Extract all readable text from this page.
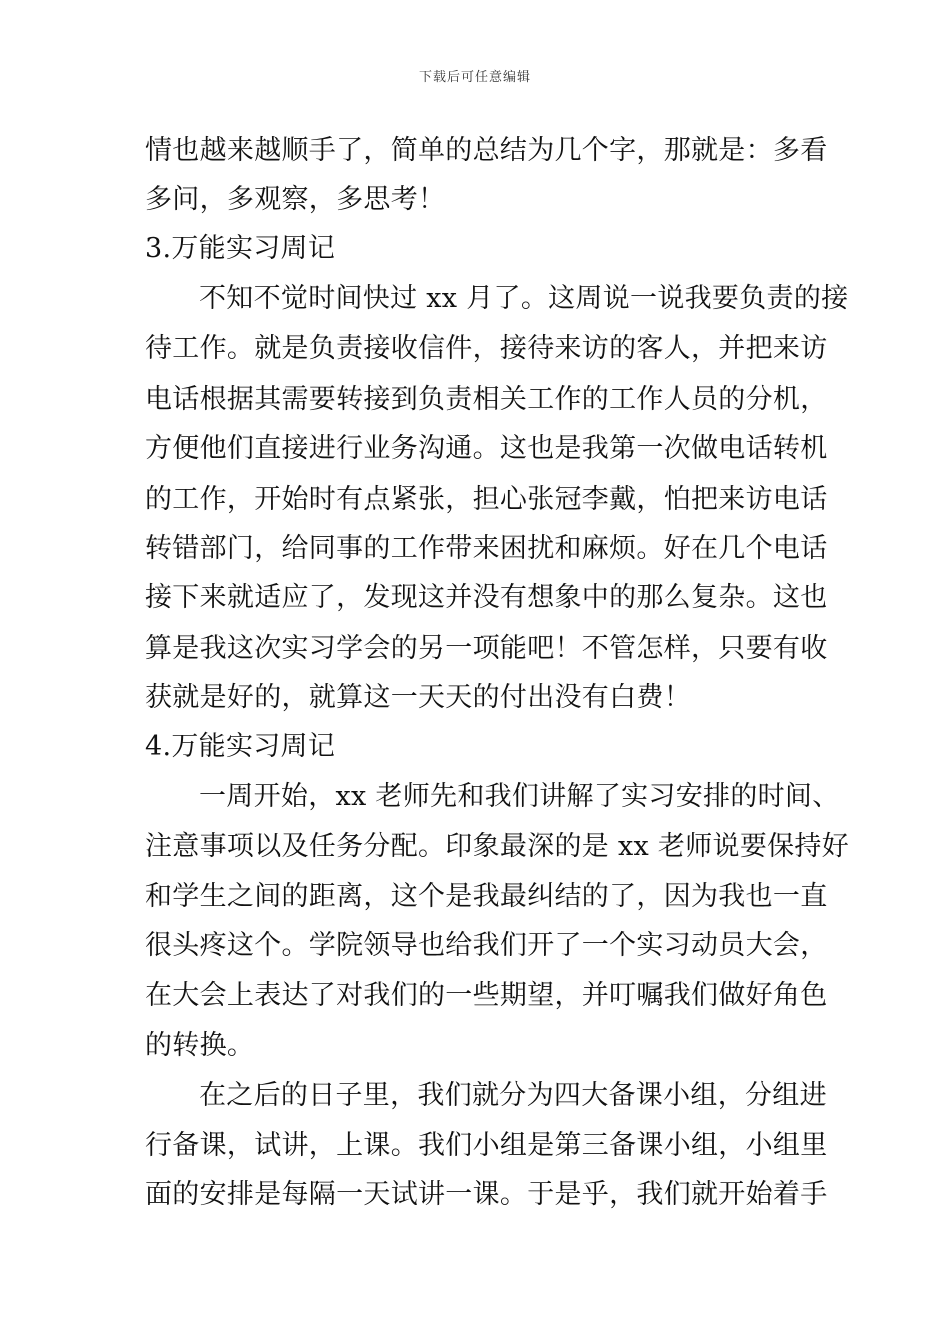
下载后可任意编辑
情也越来越顺手了，简单的总结为几个字，那就是：多看
多问，多观察，多思考！
3.万能实习周记
不知不觉时间快过 xx 月了。这周说一说我要负责的接
待工作。就是负责接收信件，接待来访的客人，并把来访
电话根据其需要转接到负责相关工作的工作人员的分机，
方便他们直接进行业务沟通。这也是我第一次做电话转机
的工作，开始时有点紧张，担心张冠李戴，怕把来访电话
转错部门，给同事的工作带来困扰和麻烦。好在几个电话
接下来就适应了，发现这并没有想象中的那么复杂。这也
算是我这次实习学会的另一项能吧！不管怎样，只要有收
获就是好的，就算这一天天的付出没有白费！
4.万能实习周记
一周开始，xx 老师先和我们讲解了实习安排的时间、
注意事项以及任务分配。印象最深的是 xx 老师说要保持好
和学生之间的距离，这个是我最纠结的了，因为我也一直
很头疼这个。学院领导也给我们开了一个实习动员大会，
在大会上表达了对我们的一些期望，并叮嘱我们做好角色
的转换。
在之后的日子里，我们就分为四大备课小组，分组进
行备课，试讲，上课。我们小组是第三备课小组，小组里
面的安排是每隔一天试讲一课。于是乎，我们就开始着手
